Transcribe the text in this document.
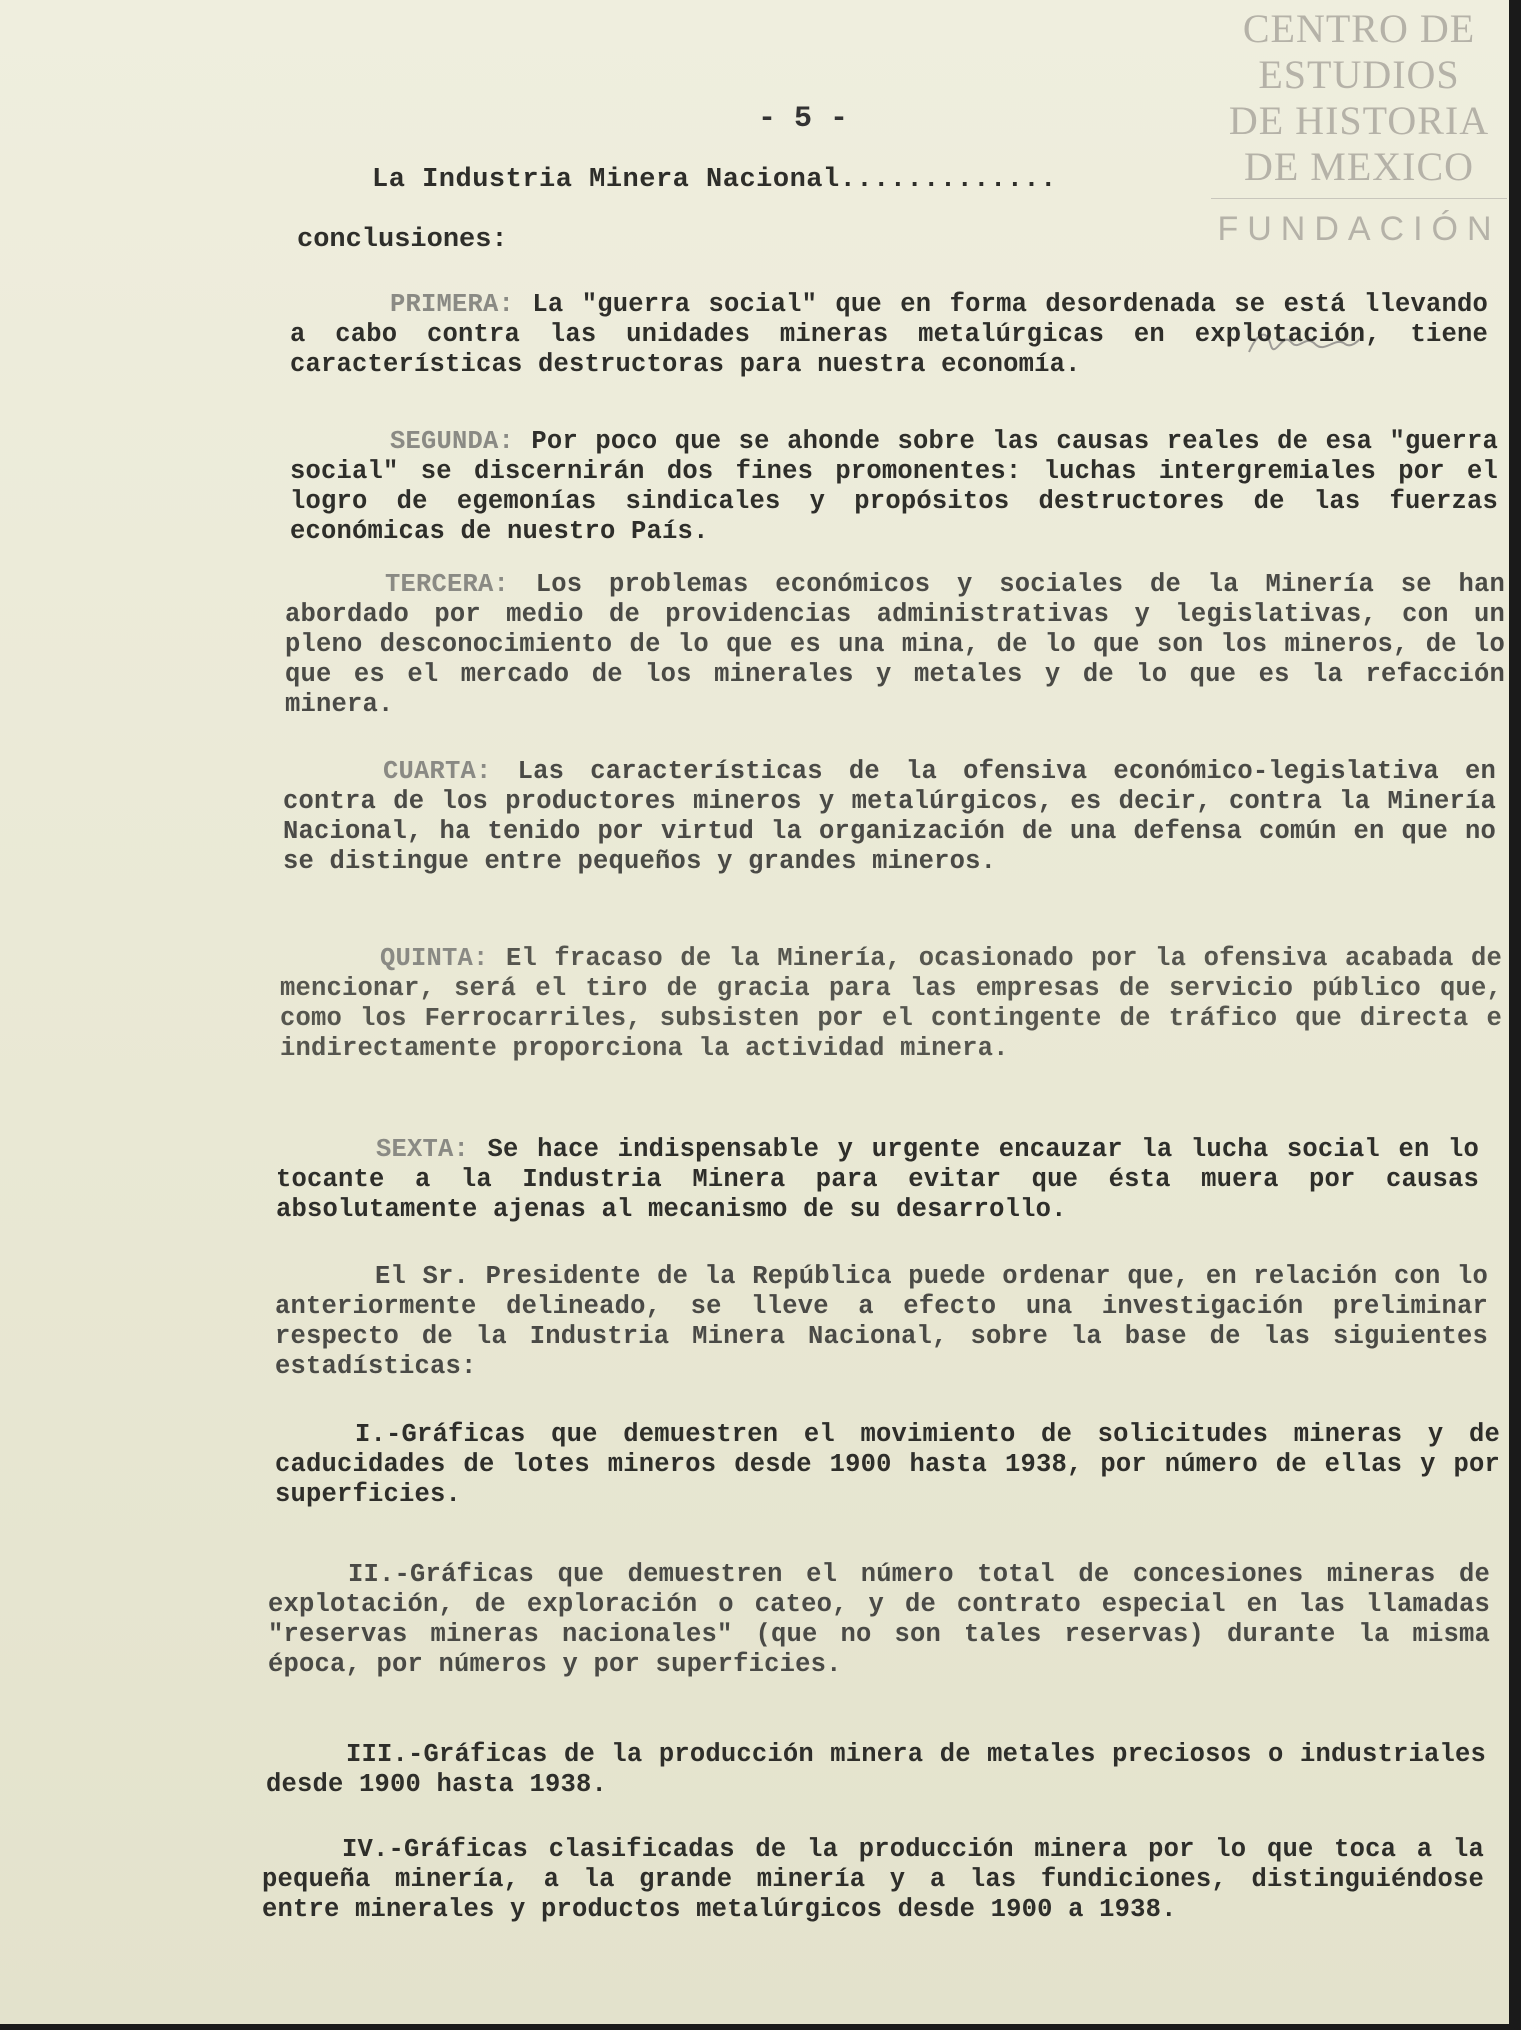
CENTRO DE
ESTUDIOS
DE HISTORIA
DE MEXICO
FUNDACIÓN
- 5 -
La Industria Minera Nacional.............
conclusiones:

PRIMERA: La "guerra social" que en forma desordenada se está llevando a cabo contra las unidades mineras metalúrgicas en explotación, tiene características destructoras para nuestra economía.

SEGUNDA: Por poco que se ahonde sobre las causas reales de esa "guerra social" se discernirán dos fines promonentes: luchas intergremiales por el logro de egemonías sindicales y propósitos destructores de las fuerzas económicas de nuestro País.

TERCERA: Los problemas económicos y sociales de la Minería se han abordado por medio de providencias administrativas y legislativas, con un pleno desconocimiento de lo que es una mina, de lo que son los mineros, de lo que es el mercado de los minerales y metales y de lo que es la refacción minera.

CUARTA: Las características de la ofensiva económico-legislativa en contra de los productores mineros y metalúrgicos, es decir, contra la Minería Nacional, ha tenido por virtud la organización de una defensa común en que no se distingue entre pequeños y grandes mineros.

QUINTA: El fracaso de la Minería, ocasionado por la ofensiva acabada de mencionar, será el tiro de gracia para las empresas de servicio público que, como los Ferrocarriles, subsisten por el contingente de tráfico que directa e indirectamente proporciona la actividad minera.

SEXTA: Se hace indispensable y urgente encauzar la lucha social en lo tocante a la Industria Minera para evitar que ésta muera por causas absolutamente ajenas al mecanismo de su desarrollo.

El Sr. Presidente de la República puede ordenar que, en relación con lo anteriormente delineado, se lleve a efecto una investigación preliminar respecto de la Industria Minera Nacional, sobre la base de las siguientes estadísticas:

I.-Gráficas que demuestren el movimiento de solicitudes mineras y de caducidades de lotes mineros desde 1900 hasta 1938, por número de ellas y por superficies.

II.-Gráficas que demuestren el número total de concesiones mineras de explotación, de exploración o cateo, y de contrato especial en las llamadas "reservas mineras nacionales" (que no son tales reservas) durante la misma época, por números y por superficies.

III.-Gráficas de la producción minera de metales preciosos o industriales desde 1900 hasta 1938.

IV.-Gráficas clasificadas de la producción minera por lo que toca a la pequeña minería, a la grande minería y a las fundiciones, distinguiéndose entre minerales y productos metalúrgicos desde 1900 a 1938.
